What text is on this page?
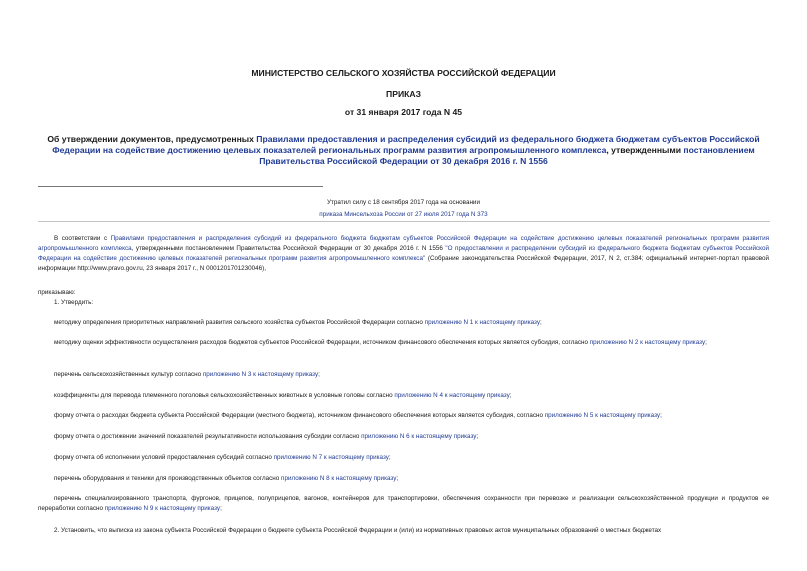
МИНИСТЕРСТВО СЕЛЬСКОГО ХОЗЯЙСТВА РОССИЙСКОЙ ФЕДЕРАЦИИ
ПРИКАЗ
от 31 января 2017 года N 45
Об утверждении документов, предусмотренных Правилами предоставления и распределения субсидий из федерального бюджета бюджетам субъектов Российской Федерации на содействие достижению целевых показателей региональных программ развития агропромышленного комплекса, утвержденными постановлением Правительства Российской Федерации от 30 декабря 2016 г. N 1556
Утратил силу с 18 сентября 2017 года на основании
приказа Минсельхоза России от 27 июля 2017 года N 373
В соответствии с Правилами предоставления и распределения субсидий из федерального бюджета бюджетам субъектов Российской Федерации на содействие достижению целевых показателей региональных программ развития агропромышленного комплекса, утвержденными постановлением Правительства Российской Федерации от 30 декабря 2016 г. N 1556 "О предоставлении и распределении субсидий из федерального бюджета бюджетам субъектов Российской Федерации на содействие достижению целевых показателей региональных программ развития агропромышленного комплекса" (Собрание законодательства Российской Федерации, 2017, N 2, ст.384; официальный интернет-портал правовой информации http://www.pravo.gov.ru, 23 января 2017 г., N 0001201701230046),
приказываю:
1. Утвердить:
методику определения приоритетных направлений развития сельского хозяйства субъектов Российской Федерации согласно приложению N 1 к настоящему приказу;
методику оценки эффективности осуществления расходов бюджетов субъектов Российской Федерации, источником финансового обеспечения которых является субсидия, согласно приложению N 2 к настоящему приказу;
перечень сельскохозяйственных культур согласно приложению N 3 к настоящему приказу;
коэффициенты для перевода племенного поголовья сельскохозяйственных животных в условные головы согласно приложению N 4 к настоящему приказу;
форму отчета о расходах бюджета субъекта Российской Федерации (местного бюджета), источником финансового обеспечения которых является субсидия, согласно приложению N 5 к настоящему приказу;
форму отчета о достижении значений показателей результативности использования субсидии согласно приложению N 6 к настоящему приказу;
форму отчета об исполнении условий предоставления субсидий согласно приложению N 7 к настоящему приказу;
перечень оборудования и техники для производственных объектов согласно приложению N 8 к настоящему приказу;
перечень специализированного транспорта, фургонов, прицепов, полуприцепов, вагонов, контейнеров для транспортировки, обеспечения сохранности при перевозке и реализации сельскохозяйственной продукции и продуктов ее переработки согласно приложению N 9 к настоящему приказу;
2. Установить, что выписка из закона субъекта Российской Федерации о бюджете субъекта Российской Федерации и (или) из нормативных правовых актов муниципальных образований о местных бюджетах
